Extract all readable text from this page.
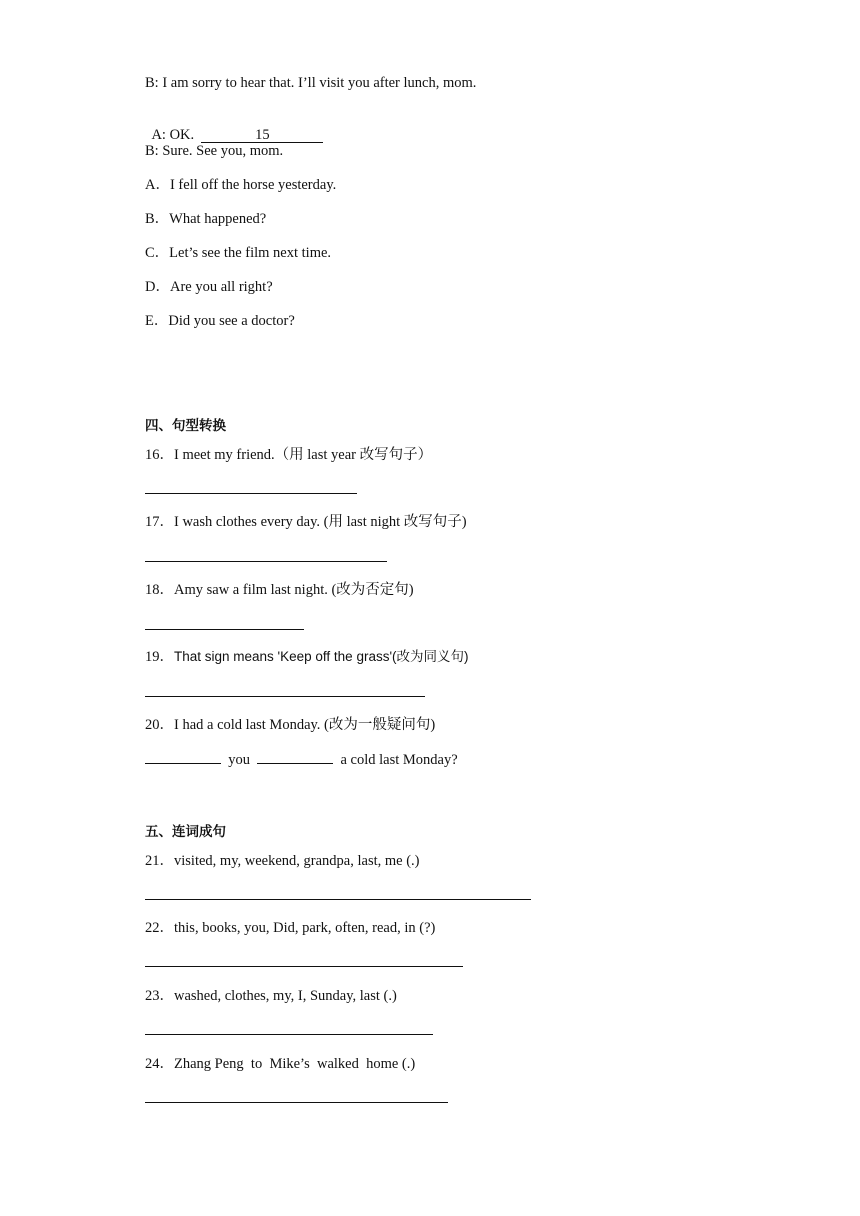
B: I am sorry to hear that. I’ll visit you after lunch, mom.

A: OK.	15

B: Sure. See you, mom.
A．I fell off the horse yesterday.
B．What happened?
C．Let’s see the film next time.
D．Are you all right?
E．Did you see a doctor?
四、句型转换
16．I meet my friend.（用 last year 改写句子）
17．I wash clothes every day. (用 last night 改写句子)
18．Amy saw a film last night. (改为否定句)
19．That sign means 'Keep off the grass'(改为同义句)
20．I had a cold last Monday. (改为一般疑问句)
you	a cold last Monday?
五、连词成句
21．visited, my, weekend, grandpa, last, me (.)
22．this, books, you, Did, park, often, read, in (?)
23．washed, clothes, my, I, Sunday, last (.)
24．Zhang Peng  to  Mike’s  walked  home (.)
